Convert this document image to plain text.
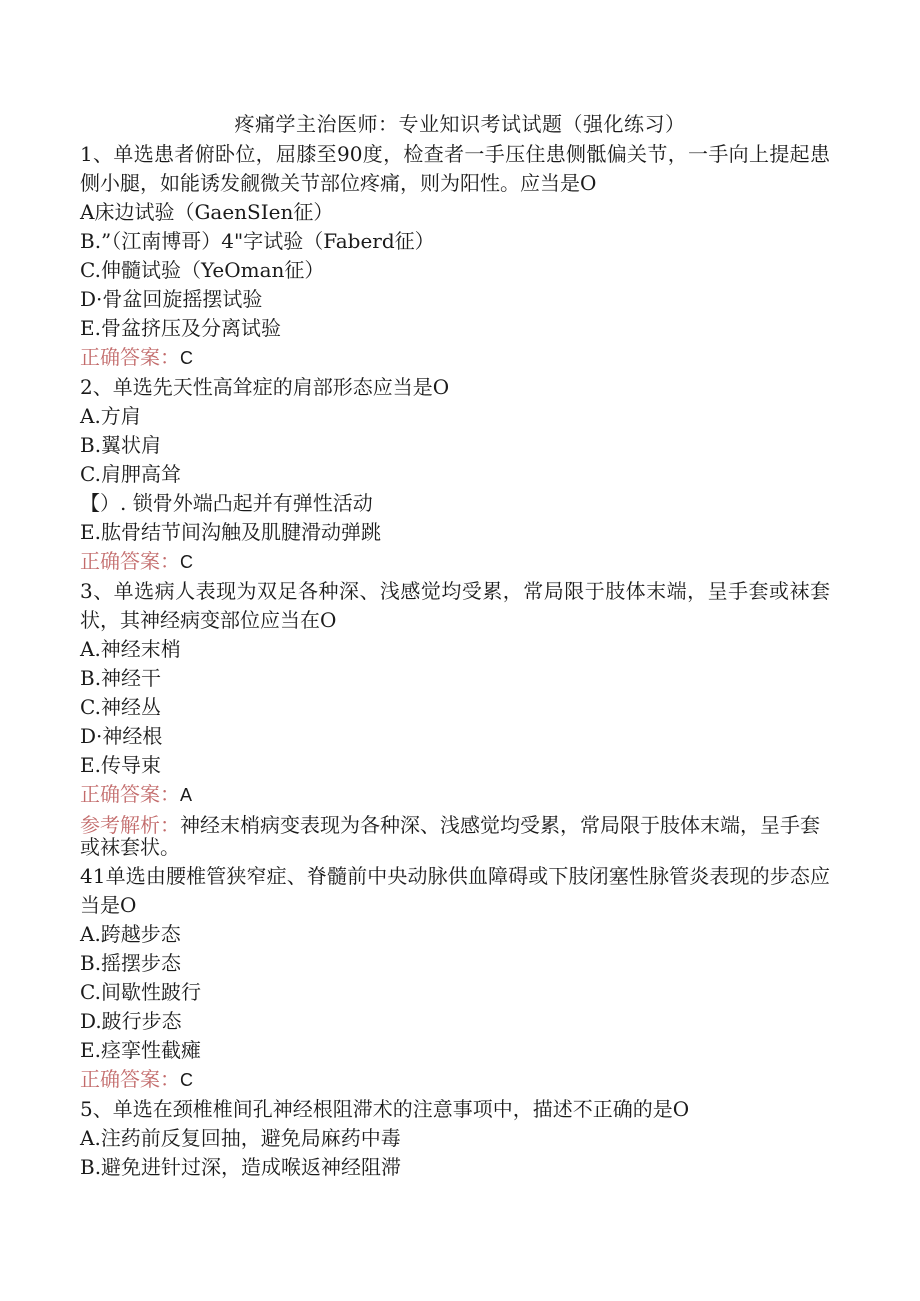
疼痛学主治医师：专业知识考试试题（强化练习）
1、单选患者俯卧位，屈膝至90度，检查者一手压住患侧骶偏关节，一手向上提起患侧小腿，如能诱发觎微关节部位疼痛，则为阳性。应当是O
A床边试验（GaenSIen征）
B.”（江南博哥）4"字试验（Faberd征）
C.伸髓试验（YeOman征）
D·骨盆回旋摇摆试验
E.骨盆挤压及分离试验
正确答案：C
2、单选先天性高耸症的肩部形态应当是O
A.方肩
B.翼状肩
C.肩胛高耸
【）. 锁骨外端凸起并有弹性活动
E.肱骨结节间沟触及肌腱滑动弹跳
正确答案：C
3、单选病人表现为双足各种深、浅感觉均受累，常局限于肢体末端，呈手套或袜套状，其神经病变部位应当在O
A.神经末梢
B.神经干
C.神经丛
D·神经根
E.传导束
正确答案：A
参考解析：神经末梢病变表现为各种深、浅感觉均受累，常局限于肢体末端，呈手套或袜套状。
41单选由腰椎管狭窄症、脊髓前中央动脉供血障碍或下肢闭塞性脉管炎表现的步态应当是O
A.跨越步态
B.摇摆步态
C.间歇性跛行
D.跛行步态
E.痉挛性截瘫
正确答案：C
5、单选在颈椎椎间孔神经根阻滞术的注意事项中，描述不正确的是O
A.注药前反复回抽，避免局麻药中毒
B.避免进针过深，造成喉返神经阻滞
